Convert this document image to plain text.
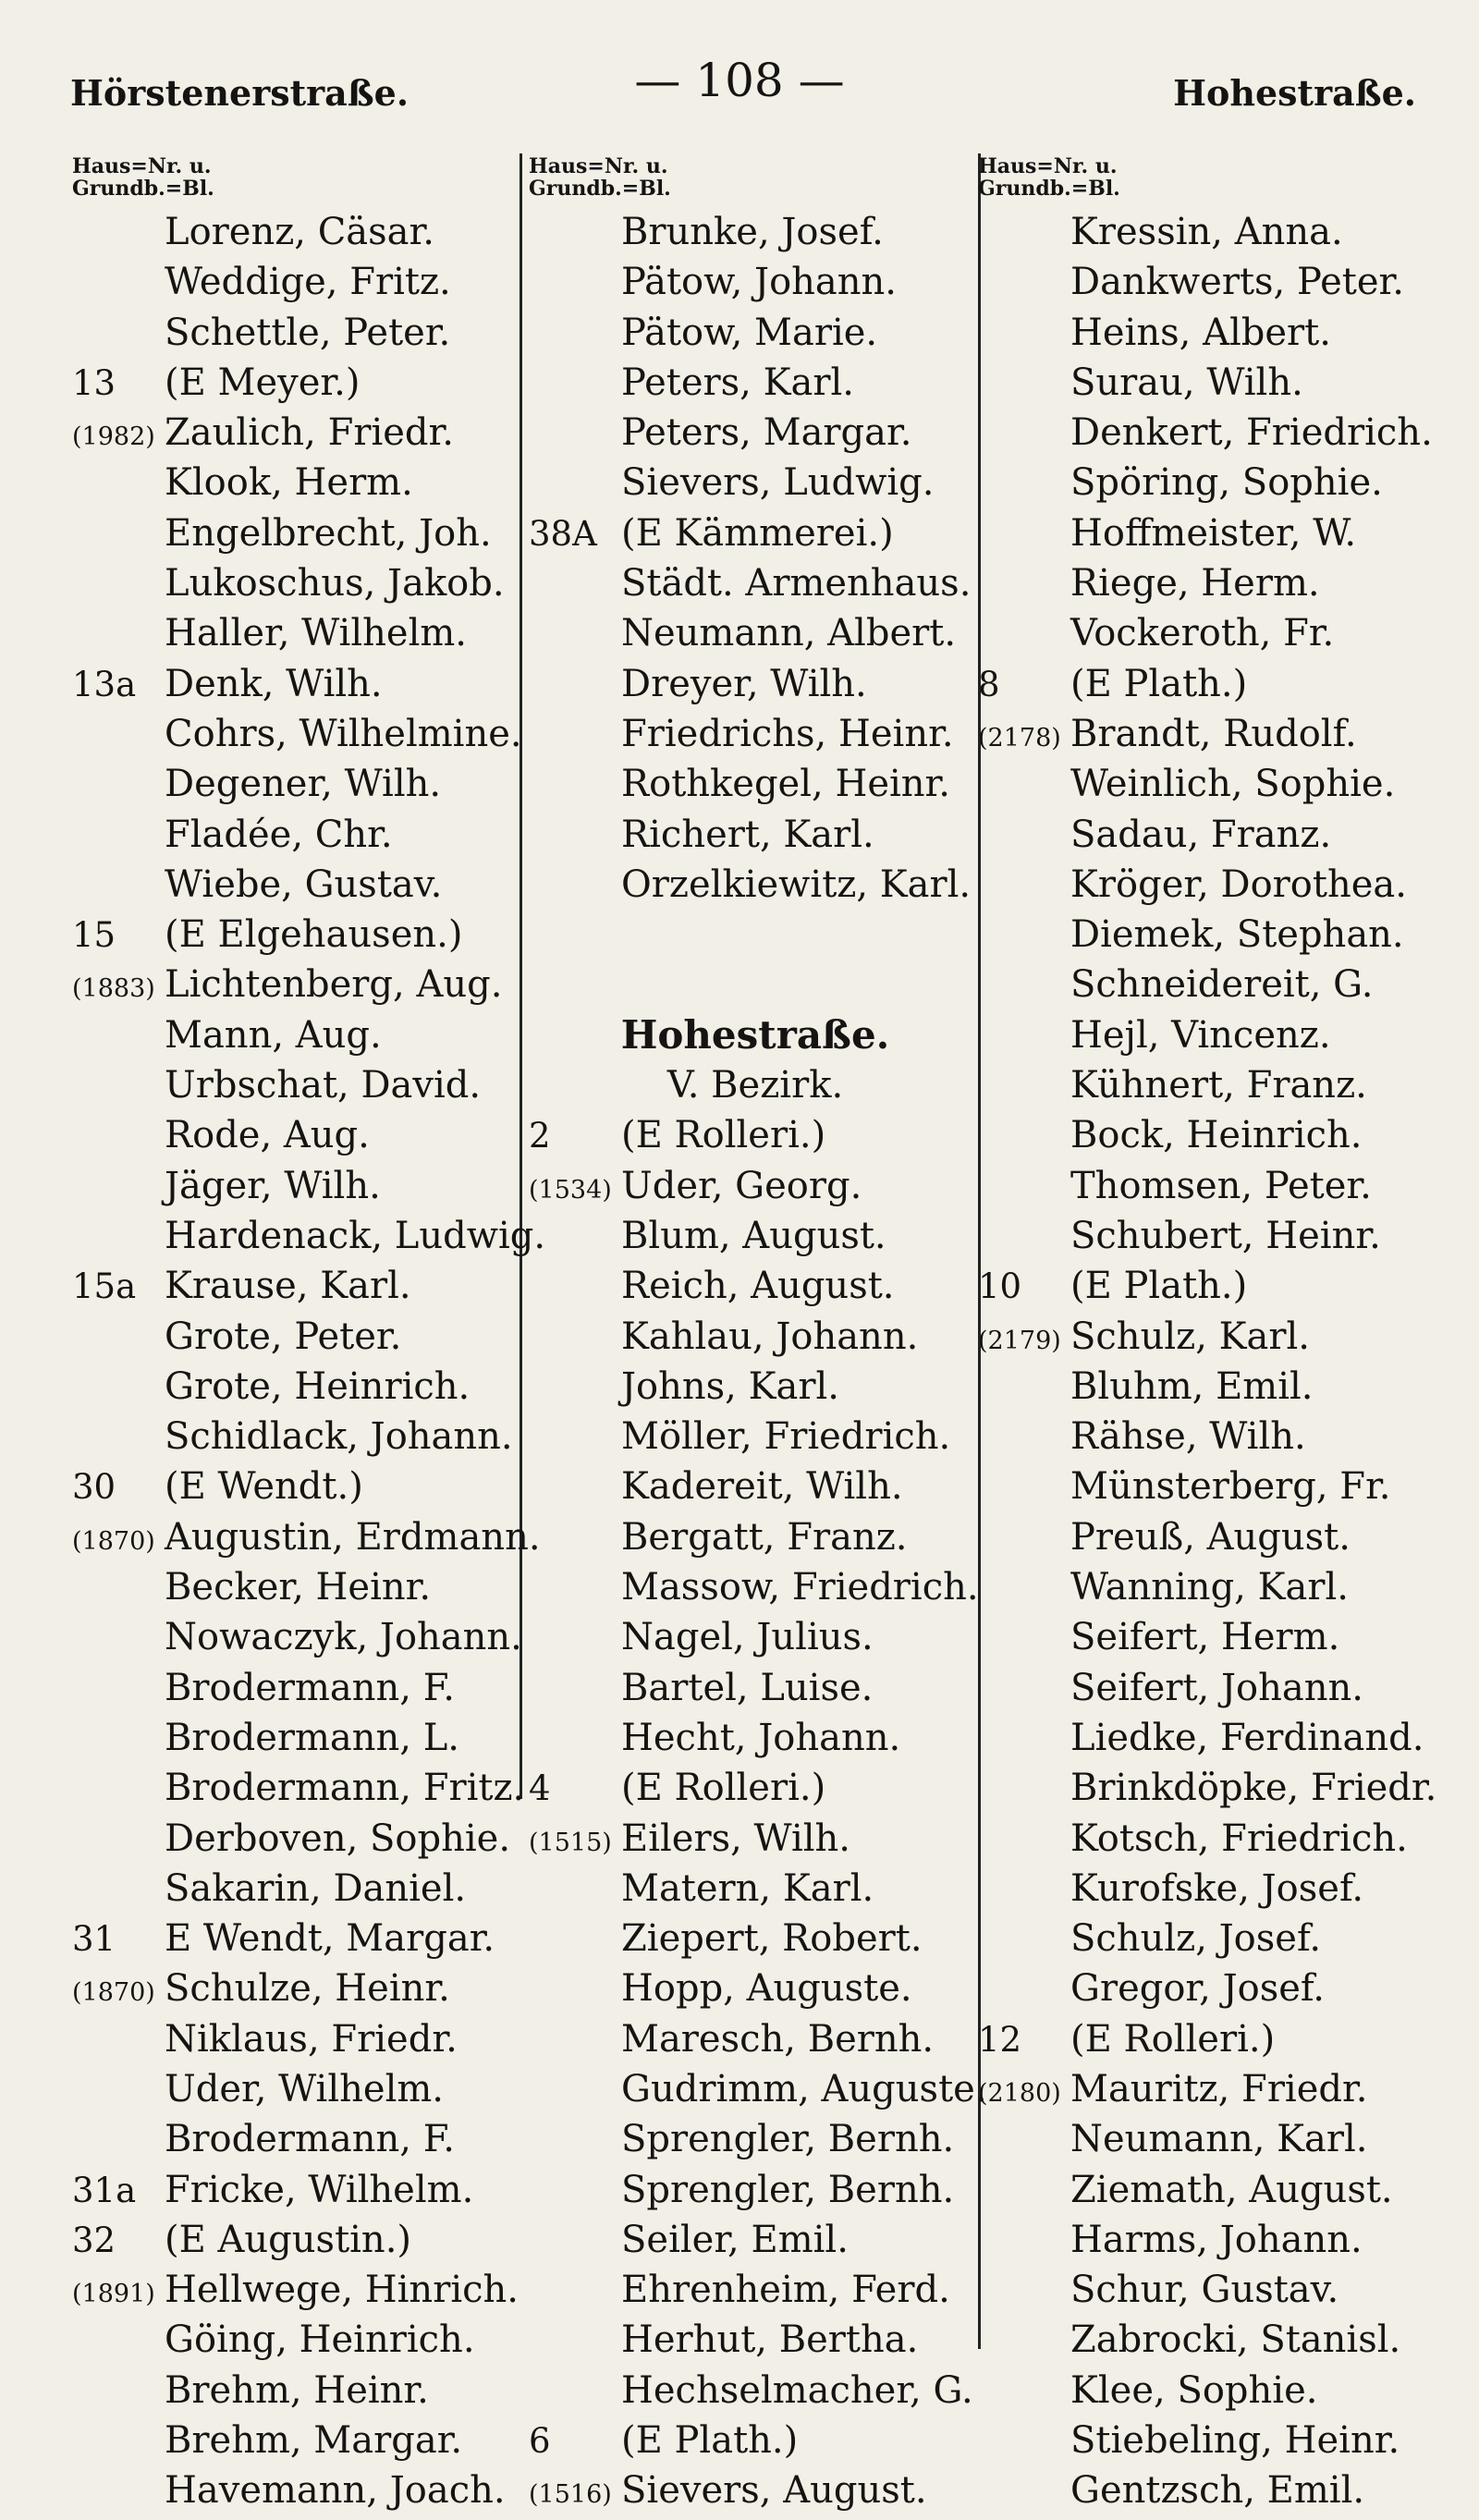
Hörstenerstraße.	— 108 —	Hohestraße.
Haus=Nr. u.
Grundb.=Bl.
Lorenz, Cäsar.
Weddige, Fritz.
Schettle, Peter.
13 (E Meyer.)
(1982) Zaulich, Friedr.
Klook, Herm.
Engelbrecht, Joh.
Lukoschus, Jakob.
Haller, Wilhelm.
13a Denk, Wilh.
Cohrs, Wilhelmine.
Degener, Wilh.
Fladée, Chr.
Wiebe, Gustav.
15 (E Elgehausen.)
(1883) Lichtenberg, Aug.
Mann, Aug.
Urbschat, David.
Rode, Aug.
Jäger, Wilh.
Hardenack, Ludwig.
15a Krause, Karl.
Grote, Peter.
Grote, Heinrich.
Schidlack, Johann.
30 (E Wendt.)
(1870) Augustin, Erdmann.
Becker, Heinr.
Nowaczyk, Johann.
Brodermann, F.
Brodermann, L.
Brodermann, Fritz.
Derboven, Sophie.
Sakarin, Daniel.
31 E Wendt, Margar.
(1870) Schulze, Heinr.
Niklaus, Friedr.
Uder, Wilhelm.
Brodermann, F.
31a Fricke, Wilhelm.
32 (E Augustin.)
(1891) Hellwege, Hinrich.
Göing, Heinrich.
Brehm, Heinr.
Brehm, Margar.
Havemann, Joach.
Haus=Nr. u.
Grundb.=Bl.
Brunke, Josef.
Pätow, Johann.
Pätow, Marie.
Peters, Karl.
Peters, Margar.
Sievers, Ludwig.
38A (E Kämmerei.)
Städt. Armenhaus.
Neumann, Albert.
Dreyer, Wilh.
Friedrichs, Heinr.
Rothkegel, Heinr.
Richert, Karl.
Orzelkiewitz, Karl.
Hohestraße.
V. Bezirk.
2 (E Rolleri.)
(1534) Uder, Georg.
Blum, August.
Reich, August.
Kahlau, Johann.
Johns, Karl.
Möller, Friedrich.
Kadereit, Wilh.
Bergatt, Franz.
Massow, Friedrich.
Nagel, Julius.
Bartel, Luise.
Hecht, Johann.
4 (E Rolleri.)
(1515) Eilers, Wilh.
Matern, Karl.
Ziepert, Robert.
Hopp, Auguste.
Maresch, Bernh.
Gudrimm, Auguste.
Sprengler, Bernh.
Sprengler, Bernh.
Seiler, Emil.
Ehrenheim, Ferd.
Herhut, Bertha.
Hechselmacher, G.
6 (E Plath.)
(1516) Sievers, August.
Haus=Nr. u.
Grundb.=Bl.
Kressin, Anna.
Dankwerts, Peter.
Heins, Albert.
Surau, Wilh.
Denkert, Friedrich.
Spöring, Sophie.
Hoffmeister, W.
Riege, Herm.
Vockeroth, Fr.
8 (E Plath.)
(2178) Brandt, Rudolf.
Weinlich, Sophie.
Sadau, Franz.
Kröger, Dorothea.
Diemek, Stephan.
Schneidereit, G.
Hejl, Vincenz.
Kühnert, Franz.
Bock, Heinrich.
Thomsen, Peter.
Schubert, Heinr.
10 (E Plath.)
(2179) Schulz, Karl.
Bluhm, Emil.
Rähse, Wilh.
Münsterberg, Fr.
Preuß, August.
Wanning, Karl.
Seifert, Herm.
Seifert, Johann.
Liedke, Ferdinand.
Brinkdöpke, Friedr.
Kotsch, Friedrich.
Kurofske, Josef.
Schulz, Josef.
Gregor, Josef.
12 (E Rolleri.)
(2180) Mauritz, Friedr.
Neumann, Karl.
Ziemath, August.
Harms, Johann.
Schur, Gustav.
Zabrocki, Stanisl.
Klee, Sophie.
Stiebeling, Heinr.
Gentzsch, Emil.
